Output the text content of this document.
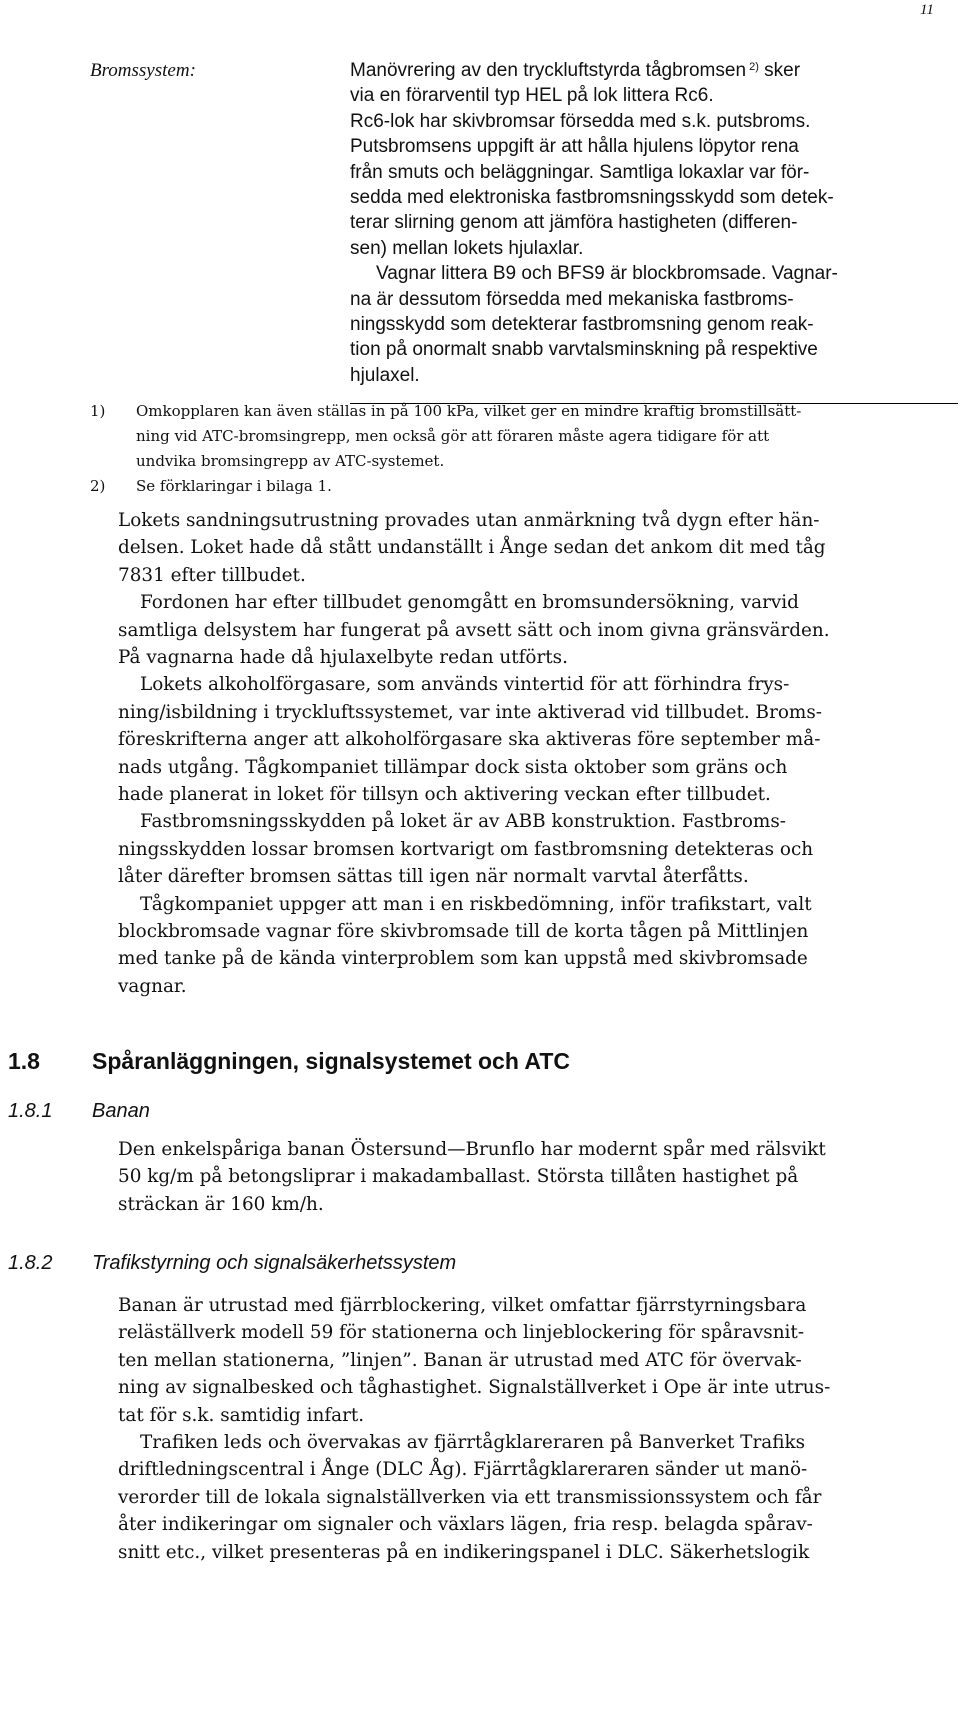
11
Bromssystem:	Manövrering av den tryckluftstyrda tågbromsen $^{2)}$ sker
via en förarventil typ HEL på lok littera Rc6.
Rc6-lok har skivbromsar försedda med s.k. putsbroms.
Putsbromsens uppgift är att hålla hjulens löpytor rena
från smuts och beläggningar. Samtliga lokaxlar var för-
sedda med elektroniska fastbromsningsskydd som detek-
terar slirning genom att jämföra hastigheten (differen-
sen) mellan lokets hjulaxlar.
Vagnar littera B9 och BFS9 är blockbromsade. Vagnar-
na är dessutom försedda med mekaniska fastbroms-
ningsskydd som detekterar fastbromsning genom reak-
tion på onormalt snabb varvtalsminskning på respektive
hjulaxel.
1) Omkopplaren kan även ställas in på 100 kPa, vilket ger en mindre kraftig bromstillsätt-
ning vid ATC-bromsingrepp, men också gör att föraren måste agera tidigare för att
undvika bromsingrepp av ATC-systemet.
2) Se förklaringar i bilaga 1.
Lokets sandningsutrustning provades utan anmärkning två dygn efter hän-
delsen. Loket hade då stått undanställt i Ånge sedan det ankom dit med tåg
7831 efter tillbudet.
Fordonen har efter tillbudet genomgått en bromsundersökning, varvid
samtliga delsystem har fungerat på avsett sätt och inom givna gränsvärden.
På vagnarna hade då hjulaxelbyte redan utförts.
Lokets alkoholförgasare, som används vintertid för att förhindra frys-
ning/isbildning i tryckluftssystemet, var inte aktiverad vid tillbudet. Broms-
föreskrifterna anger att alkoholförgasare ska aktiveras före september må-
nads utgång. Tågkompaniet tillämpar dock sista oktober som gräns och
hade planerat in loket för tillsyn och aktivering veckan efter tillbudet.
Fastbromsningsskydden på loket är av ABB konstruktion. Fastbroms-
ningsskydden lossar bromsen kortvarigt om fastbromsning detekteras och
låter därefter bromsen sättas till igen när normalt varvtal återfåtts.
Tågkompaniet uppger att man i en riskbedömning, inför trafikstart, valt
blockbromsade vagnar före skivbromsade till de korta tågen på Mittlinjen
med tanke på de kända vinterproblem som kan uppstå med skivbromsade
vagnar.
1.8 Spåranläggningen, signalsystemet och ATC
1.8.1 Banan
Den enkelspåriga banan Östersund—Brunflo har modernt spår med rälsvikt
50 kg/m på betongsliprar i makadamballast. Största tillåten hastighet på
sträckan är 160 km/h.
1.8.2 Trafikstyrning och signalsäkerhetssystem
Banan är utrustad med fjärrblockering, vilket omfattar fjärrstyrningsbara
reläställverk modell 59 för stationerna och linjeblockering för spåravsnit-
ten mellan stationerna, ”linjen”. Banan är utrustad med ATC för övervak-
ning av signalbesked och tåghastighet. Signalställverket i Ope är inte utrus-
tat för s.k. samtidig infart.
Trafiken leds och övervakas av fjärrtågklareraren på Banverket Trafiks
driftledningscentral i Ånge (DLC Åg). Fjärrtågklareraren sänder ut manö-
verorder till de lokala signalställverken via ett transmissionssystem och får
åter indikeringar om signaler och växlars lägen, fria resp. belagda spårav-
snitt etc., vilket presenteras på en indikeringspanel i DLC. Säkerhetslogik
